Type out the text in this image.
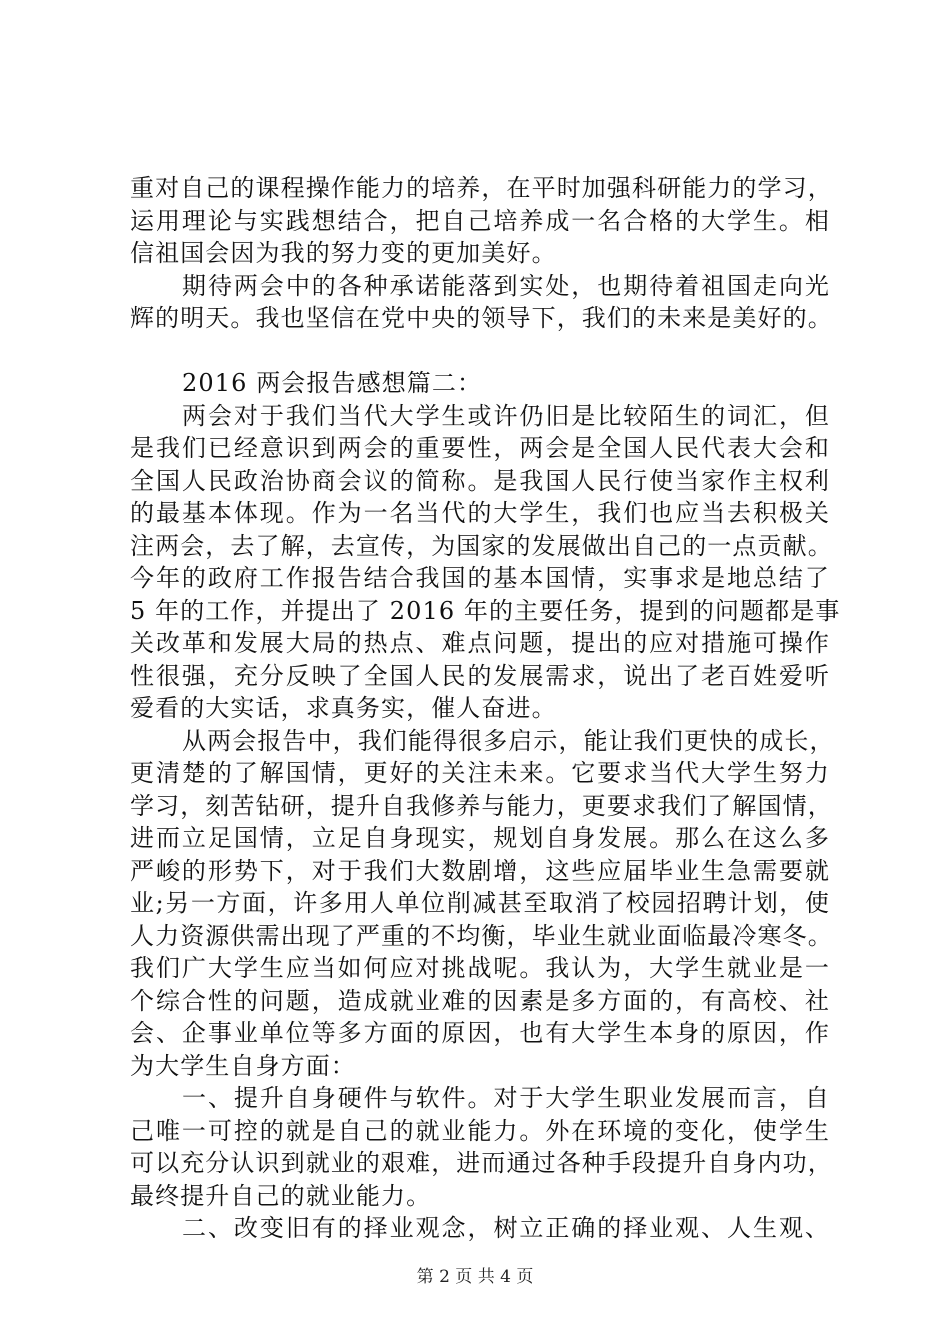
重对自己的课程操作能力的培养，在平时加强科研能力的学习，
运用理论与实践想结合，把自己培养成一名合格的大学生。相
信祖国会因为我的努力变的更加美好。
期待两会中的各种承诺能落到实处，也期待着祖国走向光
辉的明天。我也坚信在党中央的领导下，我们的未来是美好的。
2016 两会报告感想篇二：
两会对于我们当代大学生或许仍旧是比较陌生的词汇，但
是我们已经意识到两会的重要性，两会是全国人民代表大会和
全国人民政治协商会议的简称。是我国人民行使当家作主权利
的最基本体现。作为一名当代的大学生，我们也应当去积极关
注两会，去了解，去宣传，为国家的发展做出自己的一点贡献。
今年的政府工作报告结合我国的基本国情，实事求是地总结了
5 年的工作，并提出了 2016 年的主要任务，提到的问题都是事
关改革和发展大局的热点、难点问题，提出的应对措施可操作
性很强，充分反映了全国人民的发展需求，说出了老百姓爱听
爱看的大实话，求真务实，催人奋进。
从两会报告中，我们能得很多启示，能让我们更快的成长，
更清楚的了解国情，更好的关注未来。它要求当代大学生努力
学习，刻苦钻研，提升自我修养与能力，更要求我们了解国情，
进而立足国情，立足自身现实，规划自身发展。那么在这么多
严峻的形势下，对于我们大数剧增，这些应届毕业生急需要就
业;另一方面，许多用人单位削减甚至取消了校园招聘计划，使
人力资源供需出现了严重的不均衡，毕业生就业面临最冷寒冬。
我们广大学生应当如何应对挑战呢。我认为，大学生就业是一
个综合性的问题，造成就业难的因素是多方面的，有高校、社
会、企事业单位等多方面的原因，也有大学生本身的原因，作
为大学生自身方面：
一、提升自身硬件与软件。对于大学生职业发展而言，自
己唯一可控的就是自己的就业能力。外在环境的变化，使学生
可以充分认识到就业的艰难，进而通过各种手段提升自身内功，
最终提升自己的就业能力。
二、改变旧有的择业观念，树立正确的择业观、人生观、
第 2 页 共 4 页
